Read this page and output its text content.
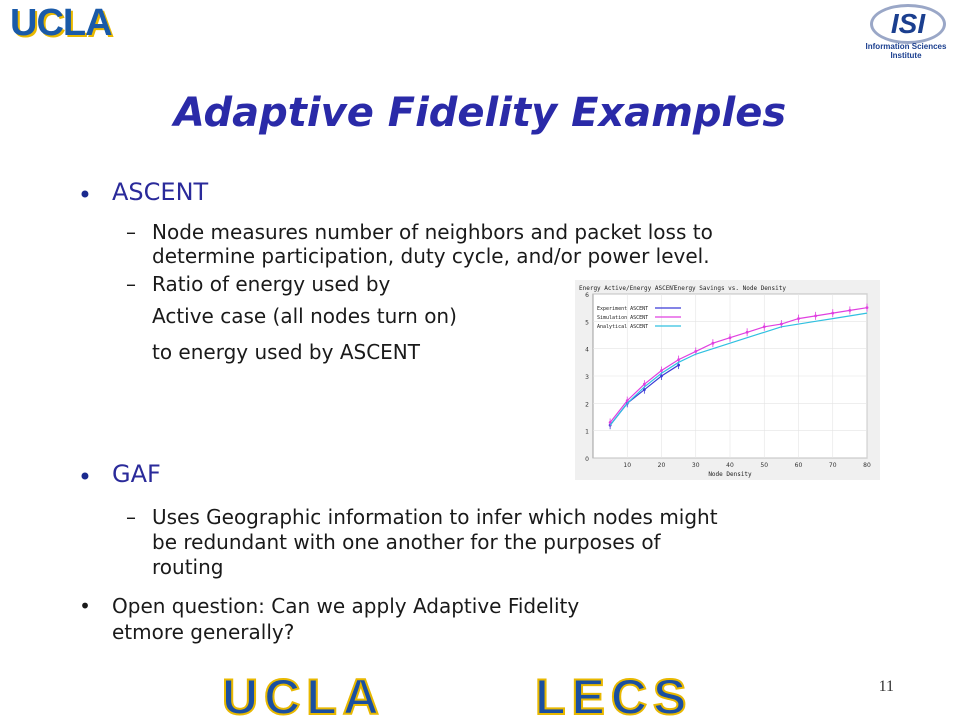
UCLA	ISI
Information Sciences Institute
Adaptive Fidelity Examples
• ASCENT
– Node measures number of neighbors and packet loss to
determine participation, duty cycle, and/or power level.
– Ratio of energy used by
Active case (all nodes turn on)
to energy used by ASCENT
0
1
2
3
4
5
6
10	20	30	40	50	60	70	80
Energy Savings vs. Node Density
Energy Active/Energy ASCENT
Node Density
Experiment ASCENT
Simulation ASCENT
Analytical ASCENT
• GAF
– Uses Geographic information to infer which nodes might
be redundant with one another for the purposes of
routing
• Open question: Can we apply Adaptive Fidelity
etmore generally?
UCLA	LECS	11
